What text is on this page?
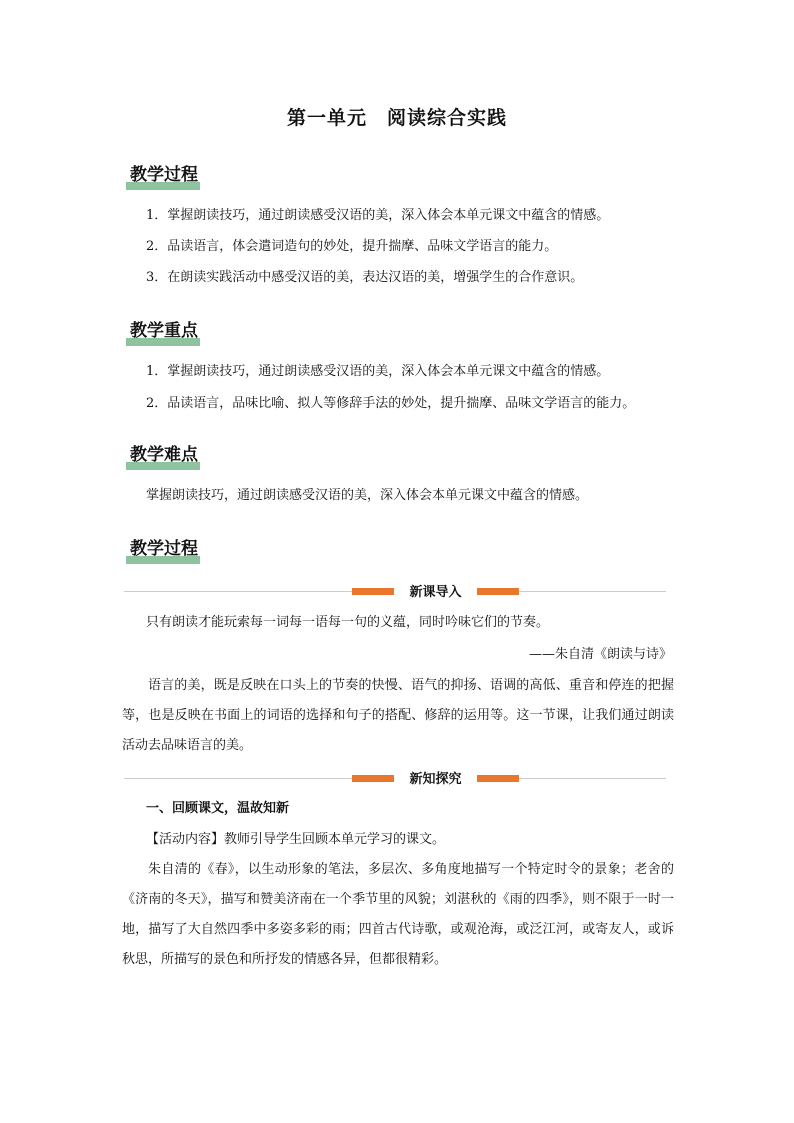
第一单元　阅读综合实践
教学过程
1．掌握朗读技巧，通过朗读感受汉语的美，深入体会本单元课文中蕴含的情感。
2．品读语言，体会遣词造句的妙处，提升揣摩、品味文学语言的能力。
3．在朗读实践活动中感受汉语的美，表达汉语的美，增强学生的合作意识。
教学重点
1．掌握朗读技巧，通过朗读感受汉语的美，深入体会本单元课文中蕴含的情感。
2．品读语言，品味比喻、拟人等修辞手法的妙处，提升揣摩、品味文学语言的能力。
教学难点
掌握朗读技巧，通过朗读感受汉语的美，深入体会本单元课文中蕴含的情感。
教学过程
新课导入
只有朗读才能玩索每一词每一语每一句的义蕴，同时吟味它们的节奏。
——朱自清《朗读与诗》
语言的美，既是反映在口头上的节奏的快慢、语气的抑扬、语调的高低、重音和停连的把握等，也是反映在书面上的词语的选择和句子的搭配、修辞的运用等。这一节课，让我们通过朗读活动去品味语言的美。
新知探究
一、回顾课文，温故知新
【活动内容】教师引导学生回顾本单元学习的课文。
朱自清的《春》，以生动形象的笔法，多层次、多角度地描写一个特定时令的景象；老舍的《济南的冬天》，描写和赞美济南在一个季节里的风貌；刘湛秋的《雨的四季》，则不限于一时一地，描写了大自然四季中多姿多彩的雨；四首古代诗歌，或观沧海，或泛江河，或寄友人，或诉秋思，所描写的景色和所抒发的情感各异，但都很精彩。
